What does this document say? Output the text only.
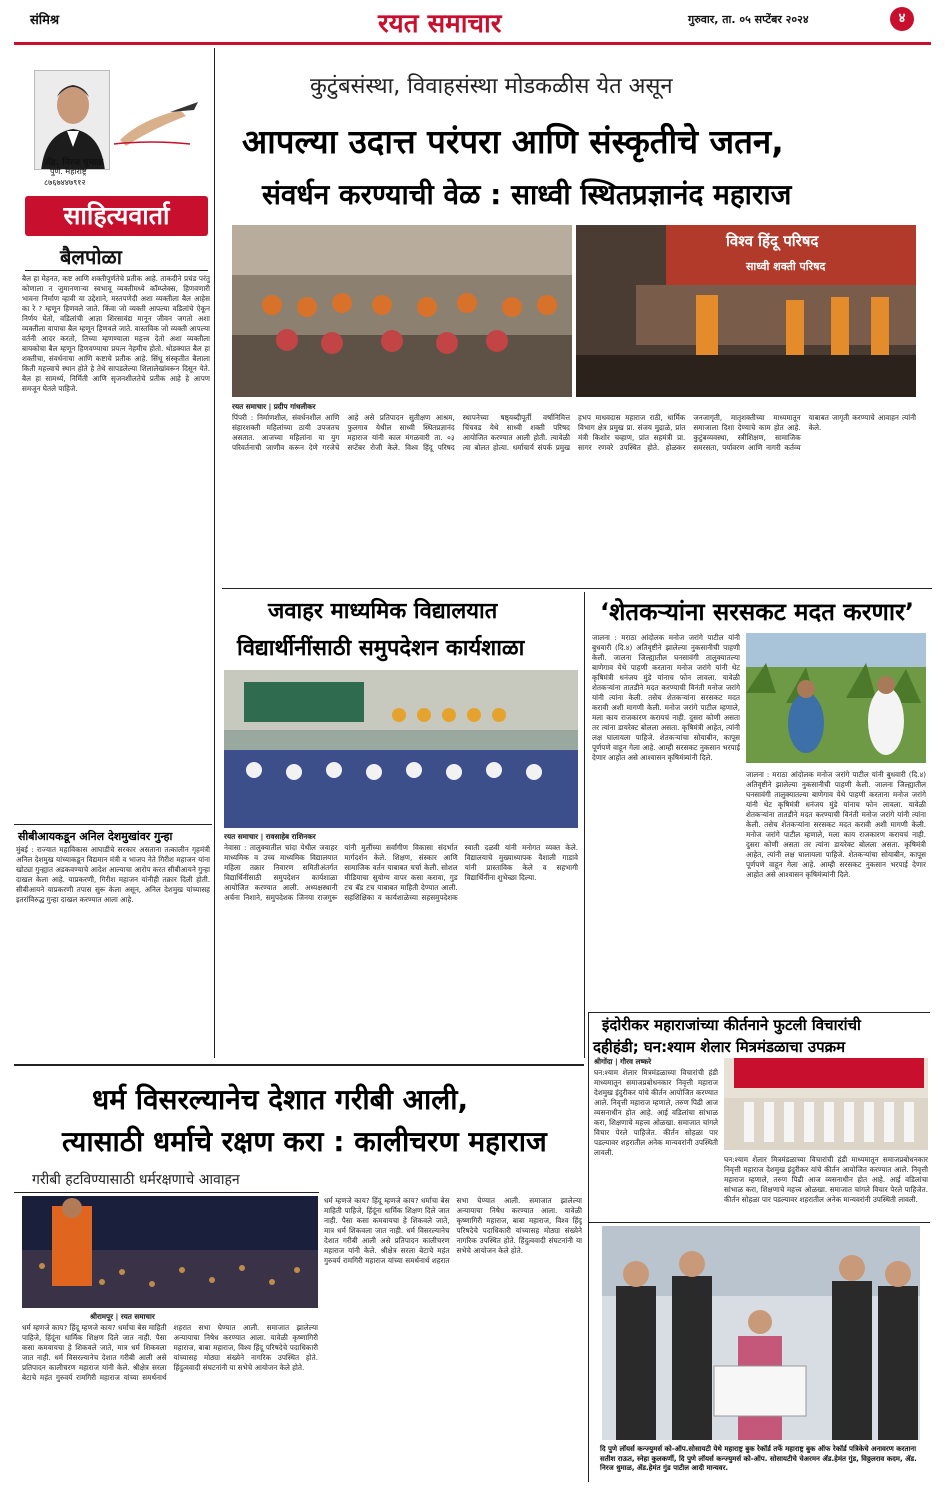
संमिश्र	रयत समाचार	गुरुवार, ता. ०५ सप्टेंबर २०२४	४
ॲड. निरज धुमाळ
पुणे. महाराष्ट्र
८७६७४४७९१२
साहित्यवार्ता
बैलपोळा
बैल हा मेहनत, कष्ट आणि शक्तीपूर्णतेचे प्रतीक आहे. ताकदीने प्रचंड परंतु कोणाला न जुमानणाऱ्या स्वभावू व्यक्तीमध्ये कॉम्प्लेक्स, हिणवणारी भावना निर्माण व्हावी या उद्देशाने, मस्तपणेदी अशा व्यक्तीला बैल आहेस का रे ? म्हणून हिणवले जाते. किंवा जो व्यक्ती आपल्या वडिलांचे ऐकून निर्णय घेतो, वडिलांची आज्ञा शिरसावंद्य मानून जीवन जगतो अशा व्यक्तीला वापाचा बैल म्हणून हिणवले जाते. वास्तविक जो व्यक्ती आपल्या वर्तनी आदर करतो, तिच्या म्हणण्याला महत्त्व देतो अशा व्यक्तीला बायकोचा बैल म्हणून हिणवण्याचा प्रयत्न नेहमीच होतो. थोडक्यात बैल हा शक्तीचा, संवर्धनाचा आणि कष्टाचे प्रतीक आहे. सिंधू संस्कृतीत बैलाला किती महत्त्वाचे स्थान होते हे तेथे सापडलेल्या शिलालेखांवरून दिसून येते. बैल हा सामर्थ्य, निर्मिती आणि सृजनशीलतेचे प्रतीक आहे हे आपण समजून घेतले पाहिजे.
सीबीआयकडून अनिल देशमुखांवर गुन्हा
मुंबई : राज्यात महाविकास आघाडीचे सरकार असताना तत्कालीन गृहमंत्री अनिल देशमुख यांच्याकडून विद्यमान मंत्री व भाजप नेते गिरीश महाजन यांना खोट्या गुन्ह्यात अडकवण्याचे आदेश आल्याचा आरोप करत सीबीआयने गुन्हा दाखल केला आहे. याप्रकरणी, गिरीश महाजन यांनीही तक्रार दिली होती. सीबीआयने याप्रकरणी तपास सुरू केला असून, अनिल देशमुख यांच्यासह इतरांविरुद्ध गुन्हा दाखल करण्यात आला आहे.
कुटुंबसंस्था, विवाहसंस्था मोडकळीस येत असून
आपल्या उदात्त परंपरा आणि संस्कृतीचे जतन,
संवर्धन करण्याची वेळ : साध्वी स्थितप्रज्ञानंद महाराज
विश्व हिंदू परिषद
साध्वी शक्ती परिषद
रयत समाचार | प्रदीप गांधलीकर
पिंपरी : निर्माणशील, संवर्धनशील आणि संहारशक्ती महिलांच्या ठायी उपजतच असतात. आजच्या महिलांना या युग परिवर्तनाची जाणीव करून देणे गरजेचे आहे असे प्रतिपादन सुतीक्षण आश्रम, फुलगाव येथील साध्वी स्थितप्रज्ञानंद महाराज यांनी काल मंगळवारी ता. ०३ सप्टेंबर रोजी केले. विश्व हिंदू परिषद स्थापनेच्या षष्ठ्यब्दीपूर्ती वर्षानिमित्त चिंचवड येथे साध्वी शक्ती परिषद आयोजित करण्यात आली होती. त्यावेळी त्या बोलत होत्या. धर्माचार्य संपर्क प्रमुख हभप माधवदास महाराज राठी, धार्मिक विभाग क्षेत्र प्रमुख प्रा. संजय मुद्राळे, प्रांत मंत्री किशोर चव्हाण, प्रांत सहमंत्री प्रा. सागर रणवरे उपस्थित होते. होळकर जनजागृती, मातृशक्तीच्या माध्यमातून समाजाला दिशा देण्याचे काम होत आहे. कुटुंबव्यवस्था, स्त्रीशिक्षण, सामाजिक समरसता, पर्यावरण आणि नागरी कर्तव्य याबाबत जागृती करण्याचे आवाहन त्यांनी केले.
जवाहर माध्यमिक विद्यालयात
विद्यार्थीनींसाठी समुपदेशन कार्यशाळा
रयत समाचार | रावसाहेब राशिनकर
नेवासा : तालुक्यातील चांदा येथील जवाहर माध्यमिक व उच्च माध्यमिक विद्यालयात महिला तक्रार निवारण समितीअंतर्गत विद्यार्थिनींसाठी समुपदेशन कार्यशाळा आयोजित करण्यात आली. अध्यक्षस्थानी अर्चना निशाने, समुपदेशक जिनया राजगुरू यांनी मुलींच्या सर्वांगीण विकासा संदर्भात मार्गदर्शन केले. शिक्षण, संस्कार आणि सामाजिक वर्तन याबाबत चर्चा केली. सोशल मीडियाचा सुयोग्य वापर कसा करावा, गुड टच बॅड टच याबाबत माहिती देण्यात आली. सहशिक्षिका व कार्यशाळेच्या सहसमुपदेशक स्वाती दळवी यांनी मनोगत व्यक्त केले. विद्यालयाचे मुख्याध्यापक वैशाली गाडावे यांनी प्रास्ताविक केले व सहभागी विद्यार्थिनींना शुभेच्छा दिल्या.
‘शेतकऱ्यांना सरसकट मदत करणार’
जालना : मराठा आंदोलक मनोज जरांगे पाटील यांनी बुधवारी (दि.४) अतिवृष्टीने झालेल्या नुकसानीची पाहणी केली. जालना जिल्ह्यातील घनसावंगी तालुक्यातल्या बाणेगाव येथे पाहणी करताना मनोज जरांगे यांनी थेट कृषिमंत्री धनंजय मुंडे यांनाच फोन लावला. यावेळी शेतकऱ्यांना तातडीने मदत करण्याची विनंती मनोज जरांगे यांनी त्यांना केली. तसेच शेतकऱ्यांना सरसकट मदत करावी अशी मागणी केली. मनोज जरांगे पाटील म्हणाले, मला काय राजकारण करायचं नाही. दुसरा कोणी असता तर त्यांना डायरेक्ट बोलला असता. कृषिमंत्री आहेत, त्यांनी लक्ष घालायला पाहिजे. शेतकऱ्यांचा सोयाबीन, कापूस पूर्णपणे वाहून गेला आहे. आम्ही सरसकट नुकसान भरपाई देणार आहोत असे आश्वासन कृषिमंत्र्यांनी दिले.
जालना : मराठा आंदोलक मनोज जरांगे पाटील यांनी बुधवारी (दि.४) अतिवृष्टीने झालेल्या नुकसानीची पाहणी केली. जालना जिल्ह्यातील घनसावंगी तालुक्यातल्या बाणेगाव येथे पाहणी करताना मनोज जरांगे यांनी थेट कृषिमंत्री धनंजय मुंडे यांनाच फोन लावला. यावेळी शेतकऱ्यांना तातडीने मदत करण्याची विनंती मनोज जरांगे यांनी त्यांना केली. तसेच शेतकऱ्यांना सरसकट मदत करावी अशी मागणी केली. मनोज जरांगे पाटील म्हणाले, मला काय राजकारण करायचं नाही. दुसरा कोणी असता तर त्यांना डायरेक्ट बोलला असता. कृषिमंत्री आहेत, त्यांनी लक्ष घालायला पाहिजे. शेतकऱ्यांचा सोयाबीन, कापूस पूर्णपणे वाहून गेला आहे. आम्ही सरसकट नुकसान भरपाई देणार आहोत असे आश्वासन कृषिमंत्र्यांनी दिले.
इंदोरीकर महाराजांच्या कीर्तनाने फुटली विचारांची
दहीहंडी; घन:श्याम शेलार मित्रमंडळाचा उपक्रम
श्रीगोंदा | गौरव लष्करे
घन:श्याम शेलार मित्रमंडळाच्या विचारांची हंडी माध्यमातून समाजप्रबोधनकार निवृत्ती महाराज देशमुख इंदुरीकर यांचे कीर्तन आयोजित करण्यात आले. निवृत्ती महाराज म्हणाले, तरुण पिढी आज व्यसनाधीन होत आहे. आई वडिलांचा सांभाळ करा, शिक्षणाचे महत्त्व ओळखा. समाजात चांगले विचार पेरले पाहिजेत. कीर्तन सोहळा पार पडल्यावर शहरातील अनेक मान्यवरांनी उपस्थिती लावली.
घन:श्याम शेलार मित्रमंडळाच्या विचारांची हंडी माध्यमातून समाजप्रबोधनकार निवृत्ती महाराज देशमुख इंदुरीकर यांचे कीर्तन आयोजित करण्यात आले. निवृत्ती महाराज म्हणाले, तरुण पिढी आज व्यसनाधीन होत आहे. आई वडिलांचा सांभाळ करा, शिक्षणाचे महत्त्व ओळखा. समाजात चांगले विचार पेरले पाहिजेत. कीर्तन सोहळा पार पडल्यावर शहरातील अनेक मान्यवरांनी उपस्थिती लावली.
दि पुणे लॉयर्स कन्ज्युमर्स को-ऑप.सोसायटी येथे महाराष्ट्र बुक रेकॉर्ड तर्फे महाराष्ट्र बुक ऑफ रेकॉर्ड पत्रिकेचे अनावरण करताना सतीश राऊत, स्नेहा कुलकर्णी, दि पुणे लॉयर्स कन्ज्युमर्स को-ऑप. सोसायटीचे चेअरमन ॲड.हेमंत गुंड, विठ्ठलराव कदम, ॲड. निरज धुमाळ, ॲड.हेमंत गुंड पाटील आदी मान्यवर.
धर्म विसरल्यानेच देशात गरीबी आली,
त्यासाठी धर्माचे रक्षण करा : कालीचरण महाराज
गरीबी हटविण्यासाठी धर्मरक्षणाचे आवाहन
श्रीरामपूर | रयत समाचार
धर्म म्हणजे काय? हिंदू म्हणजे काय? धर्माचा बेस माहिती पाहिजे, हिंदूंना धार्मिक शिक्षण दिले जात नाही. पैसा कसा कमवायचा हे शिकवले जाते, मात्र धर्म शिकवला जात नाही. धर्म विसरल्यानेच देशात गरीबी आली असे प्रतिपादन कालीचरण महाराज यांनी केले. श्रीक्षेत्र सरला बेटाचे महंत गुरुवर्य रामगिरी महाराज यांच्या समर्थनार्थ शहरात सभा घेण्यात आली. समाजात झालेल्या अन्यायाचा निषेध करण्यात आला. यावेळी कृष्णागिरी महाराज, बाबा महाराज, विश्व हिंदू परिषदेचे पदाधिकारी यांच्यासह मोठ्या संख्येने नागरिक उपस्थित होते. हिंदुत्ववादी संघटनांनी या सभेचे आयोजन केले होते.
धर्म म्हणजे काय? हिंदू म्हणजे काय? धर्माचा बेस माहिती पाहिजे, हिंदूंना धार्मिक शिक्षण दिले जात नाही. पैसा कसा कमवायचा हे शिकवले जाते, मात्र धर्म शिकवला जात नाही. धर्म विसरल्यानेच देशात गरीबी आली असे प्रतिपादन कालीचरण महाराज यांनी केले. श्रीक्षेत्र सरला बेटाचे महंत गुरुवर्य रामगिरी महाराज यांच्या समर्थनार्थ शहरात सभा घेण्यात आली. समाजात झालेल्या अन्यायाचा निषेध करण्यात आला. यावेळी कृष्णागिरी महाराज, बाबा महाराज, विश्व हिंदू परिषदेचे पदाधिकारी यांच्यासह मोठ्या संख्येने नागरिक उपस्थित होते. हिंदुत्ववादी संघटनांनी या सभेचे आयोजन केले होते.
